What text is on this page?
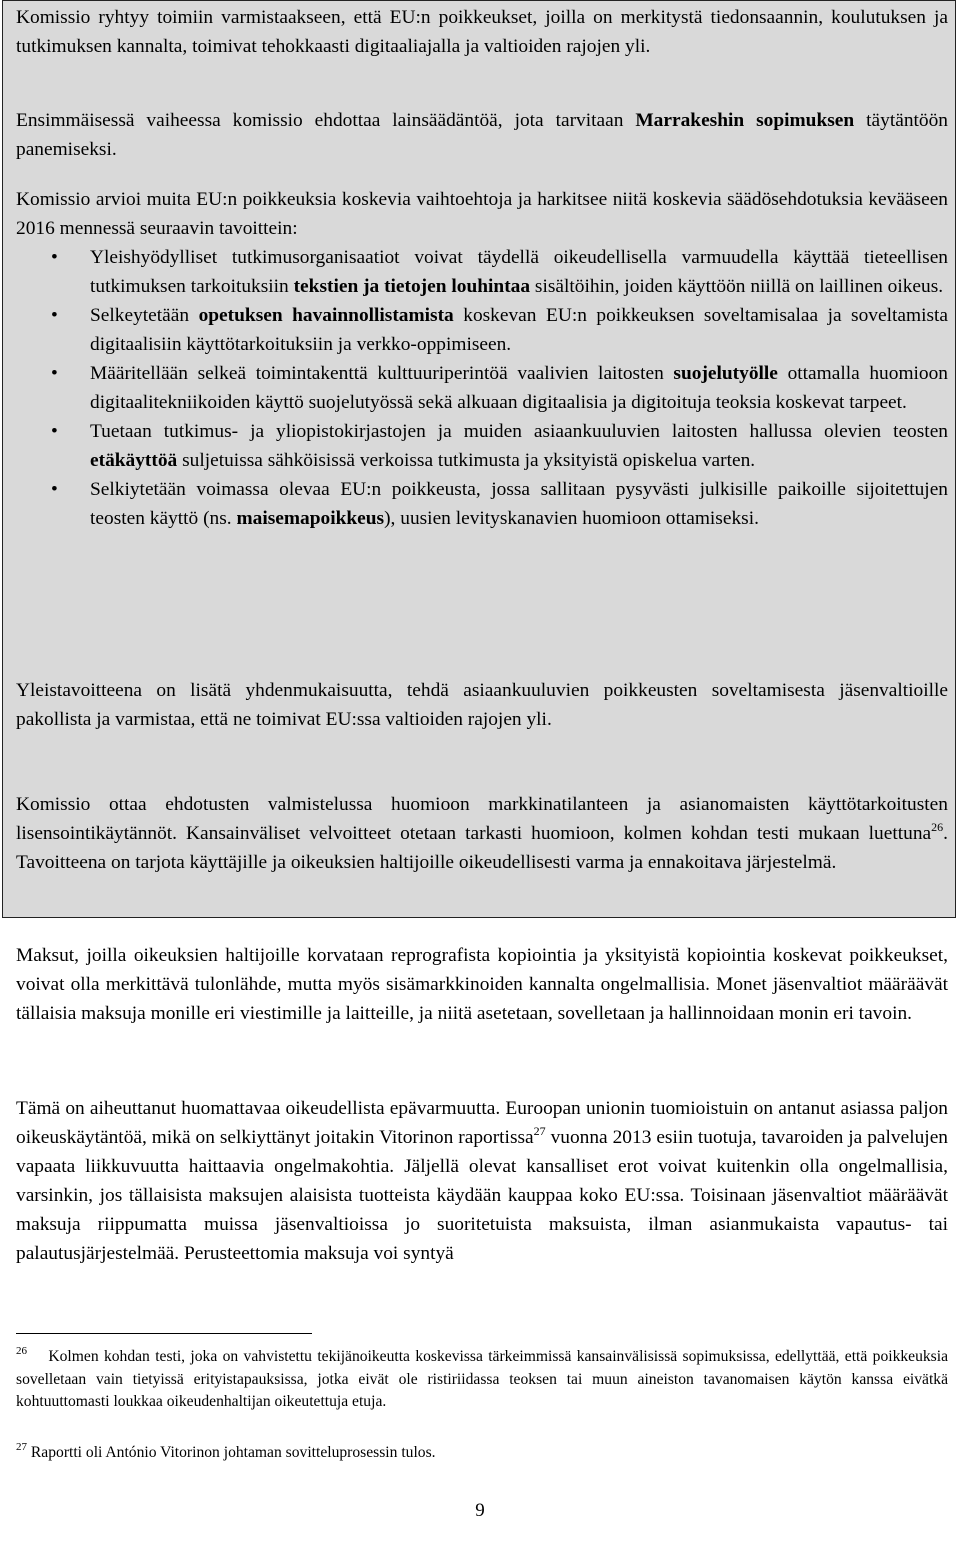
Komissio ryhtyy toimiin varmistaakseen, että EU:n poikkeukset, joilla on merkitystä tiedonsaannin, koulutuksen ja tutkimuksen kannalta, toimivat tehokkaasti digitaaliajalla ja valtioiden rajojen yli.

Ensimmäisessä vaiheessa komissio ehdottaa lainsäädäntöä, jota tarvitaan Marrakeshin sopimuksen täytäntöön panemiseksi.

Komissio arvioi muita EU:n poikkeuksia koskevia vaihtoehtoja ja harkitsee niitä koskevia säädösehdotuksia kevääseen 2016 mennessä seuraavin tavoittein:

•	Yleishyödylliset tutkimusorganisaatiot voivat täydellä oikeudellisella varmuudella käyttää tieteellisen tutkimuksen tarkoituksiin tekstien ja tietojen louhintaa sisältöihin, joiden käyttöön niillä on laillinen oikeus.
•	Selkeytetään opetuksen havainnollistamista koskevan EU:n poikkeuksen soveltamisalaa ja soveltamista digitaalisiin käyttötarkoituksiin ja verkko-oppimiseen.
•	Määritellään selkeä toimintakenttä kulttuuriperintöä vaalivien laitosten suojelutyölle ottamalla huomioon digitaalitekniikoiden käyttö suojelutyössä sekä alkuaan digitaalisia ja digitoituja teoksia koskevat tarpeet.
•	Tuetaan tutkimus- ja yliopistokirjastojen ja muiden asiaankuuluvien laitosten hallussa olevien teosten etäkäyttöä suljetuissa sähköisissä verkoissa tutkimusta ja yksityistä opiskelua varten.
•	Selkiytetään voimassa olevaa EU:n poikkeusta, jossa sallitaan pysyvästi julkisille paikoille sijoitettujen teosten käyttö (ns. maisemapoikkeus), uusien levityskanavien huomioon ottamiseksi.

Yleistavoitteena on lisätä yhdenmukaisuutta, tehdä asiaankuuluvien poikkeusten soveltamisesta jäsenvaltioille pakollista ja varmistaa, että ne toimivat EU:ssa valtioiden rajojen yli.

Komissio ottaa ehdotusten valmistelussa huomioon markkinatilanteen ja asianomaisten käyttötarkoitusten lisensointikäytännöt. Kansainväliset velvoitteet otetaan tarkasti huomioon, kolmen kohdan testi mukaan luettuna$^{26}$. Tavoitteena on tarjota käyttäjille ja oikeuksien haltijoille oikeudellisesti varma ja ennakoitava järjestelmä.

Maksut, joilla oikeuksien haltijoille korvataan reprografista kopiointia ja yksityistä kopiointia koskevat poikkeukset, voivat olla merkittävä tulonlähde, mutta myös sisämarkkinoiden kannalta ongelmallisia. Monet jäsenvaltiot määräävät tällaisia maksuja monille eri viestimille ja laitteille, ja niitä asetetaan, sovelletaan ja hallinnoidaan monin eri tavoin.

Tämä on aiheuttanut huomattavaa oikeudellista epävarmuutta. Euroopan unionin tuomioistuin on antanut asiassa paljon oikeuskäytäntöä, mikä on selkiyttänyt joitakin Vitorinon raportissa$^{27}$ vuonna 2013 esiin tuotuja, tavaroiden ja palvelujen vapaata liikkuvuutta haittaavia ongelmakohtia. Jäljellä olevat kansalliset erot voivat kuitenkin olla ongelmallisia, varsinkin, jos tällaisista maksujen alaisista tuotteista käydään kauppaa koko EU:ssa. Toisinaan jäsenvaltiot määräävät maksuja riippumatta muissa jäsenvaltioissa jo suoritetuista maksuista, ilman asianmukaista vapautus- tai palautusjärjestelmää. Perusteettomia maksuja voi syntyä

$^{26}$ Kolmen kohdan testi, joka on vahvistettu tekijänoikeutta koskevissa tärkeimmissä kansainvälisissä sopimuksissa, edellyttää, että poikkeuksia sovelletaan vain tietyissä erityistapauksissa, jotka eivät ole ristiriidassa teoksen tai muun aineiston tavanomaisen käytön kanssa eivätkä kohtuuttomasti loukkaa oikeudenhaltijan oikeutettuja etuja.

$^{27}$ Raportti oli António Vitorinon johtaman sovitteluprosessin tulos.

9
